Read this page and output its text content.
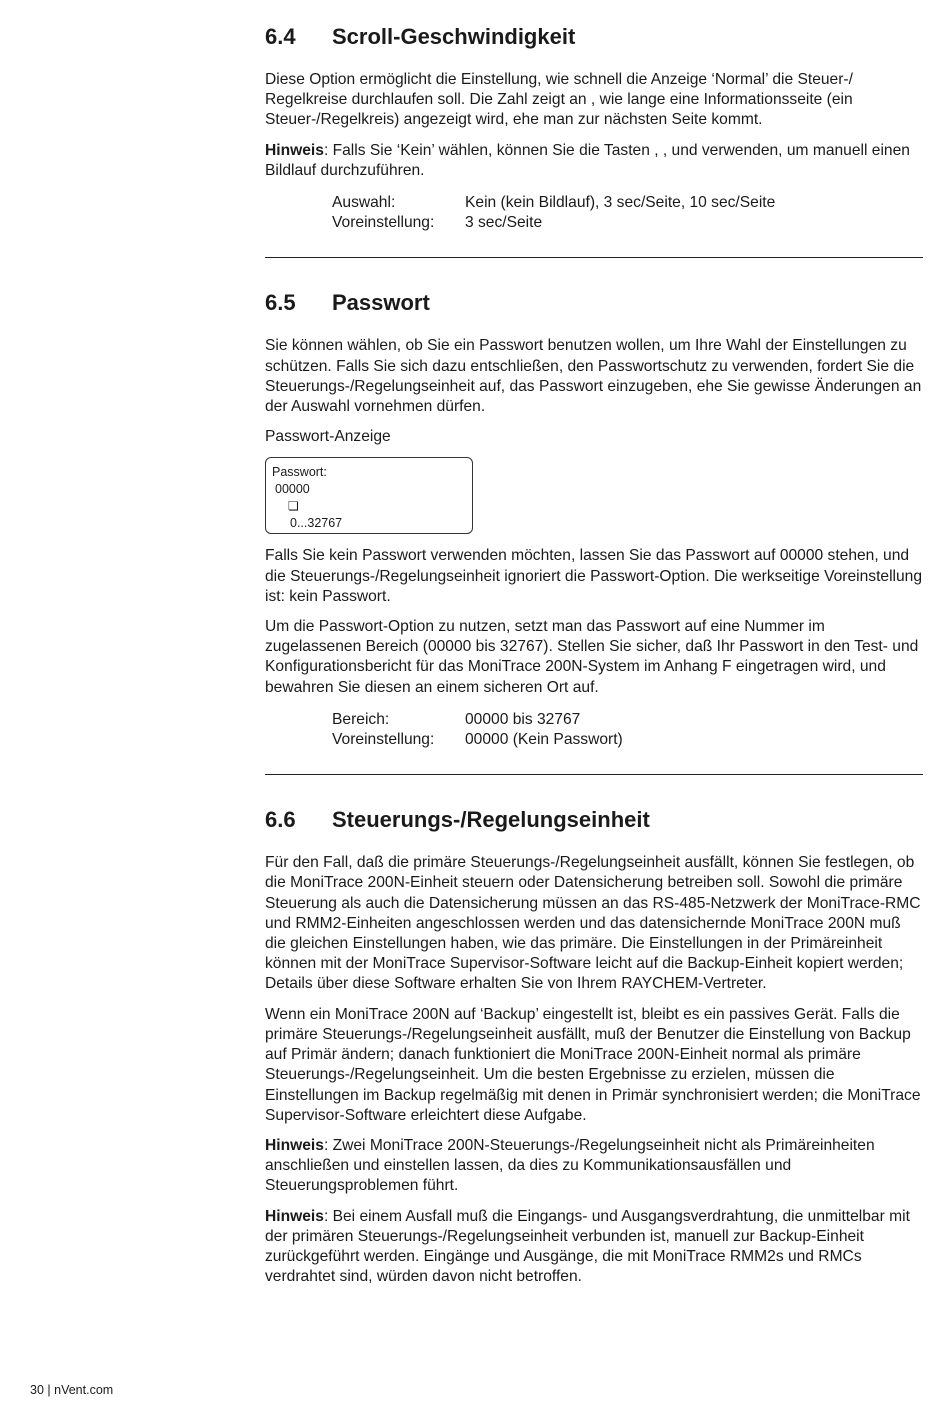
6.4	Scroll-Geschwindigkeit

Diese Option ermöglicht die Einstellung, wie schnell die Anzeige ‘Normal’ die Steuer-/ Regelkreise durchlaufen soll. Die Zahl zeigt an , wie lange eine Informationsseite (ein Steuer-/Regelkreis) angezeigt wird, ehe man zur nächsten Seite kommt.

Hinweis: Falls Sie ‘Kein’ wählen, können Sie die Tasten , , und verwenden, um manuell einen Bildlauf durchzuführen.

Auswahl:	Kein (kein Bildlauf), 3 sec/Seite, 10 sec/Seite
Voreinstellung:	3 sec/Seite
6.5	Passwort

Sie können wählen, ob Sie ein Passwort benutzen wollen, um Ihre Wahl der Einstellungen zu schützen. Falls Sie sich dazu entschließen, den Passwortschutz zu verwenden, fordert Sie die Steuerungs-/Regelungseinheit auf, das Passwort einzugeben, ehe Sie gewisse Änderungen an der Auswahl vornehmen dürfen.

Passwort-Anzeige

Passwort:
00000
❏
0...32767

Falls Sie kein Passwort verwenden möchten, lassen Sie das Passwort auf 00000 stehen, und die Steuerungs-/Regelungseinheit ignoriert die Passwort-Option. Die werkseitige Voreinstellung ist: kein Passwort.

Um die Passwort-Option zu nutzen, setzt man das Passwort auf eine Nummer im zugelassenen Bereich (00000 bis 32767). Stellen Sie sicher, daß Ihr Passwort in den Test- und Konfigurationsbericht für das MoniTrace 200N-System im Anhang F eingetragen wird, und bewahren Sie diesen an einem sicheren Ort auf.

Bereich:	00000 bis 32767
Voreinstellung:	00000 (Kein Passwort)
6.6	Steuerungs-/Regelungseinheit

Für den Fall, daß die primäre Steuerungs-/Regelungseinheit ausfällt, können Sie festlegen, ob die MoniTrace 200N-Einheit steuern oder Datensicherung betreiben soll. Sowohl die primäre Steuerung als auch die Datensicherung müssen an das RS-485-Netzwerk der MoniTrace-RMC und RMM2-Einheiten angeschlossen werden und das datensichernde MoniTrace 200N muß die gleichen Einstellungen haben, wie das primäre. Die Einstellungen in der Primäreinheit können mit der MoniTrace Supervisor-Software leicht auf die Backup-Einheit kopiert werden; Details über diese Software erhalten Sie von Ihrem RAYCHEM-Vertreter.

Wenn ein MoniTrace 200N auf ‘Backup’ eingestellt ist, bleibt es ein passives Gerät. Falls die primäre Steuerungs-/Regelungseinheit ausfällt, muß der Benutzer die Einstellung von Backup auf Primär ändern; danach funktioniert die MoniTrace 200N-Einheit normal als primäre Steuerungs-/Regelungseinheit. Um die besten Ergebnisse zu erzielen, müssen die Einstellungen im Backup regelmäßig mit denen in Primär synchronisiert werden; die MoniTrace Supervisor-Software erleichtert diese Aufgabe.

Hinweis: Zwei MoniTrace 200N-Steuerungs-/Regelungseinheit nicht als Primäreinheiten anschließen und einstellen lassen, da dies zu Kommunikationsausfällen und Steuerungsproblemen führt.

Hinweis: Bei einem Ausfall muß die Eingangs- und Ausgangsverdrahtung, die unmittelbar mit der primären Steuerungs-/Regelungseinheit verbunden ist, manuell zur Backup-Einheit zurückgeführt werden. Eingänge und Ausgänge, die mit MoniTrace RMM2s und RMCs verdrahtet sind, würden davon nicht betroffen.

30 | nVent.com
